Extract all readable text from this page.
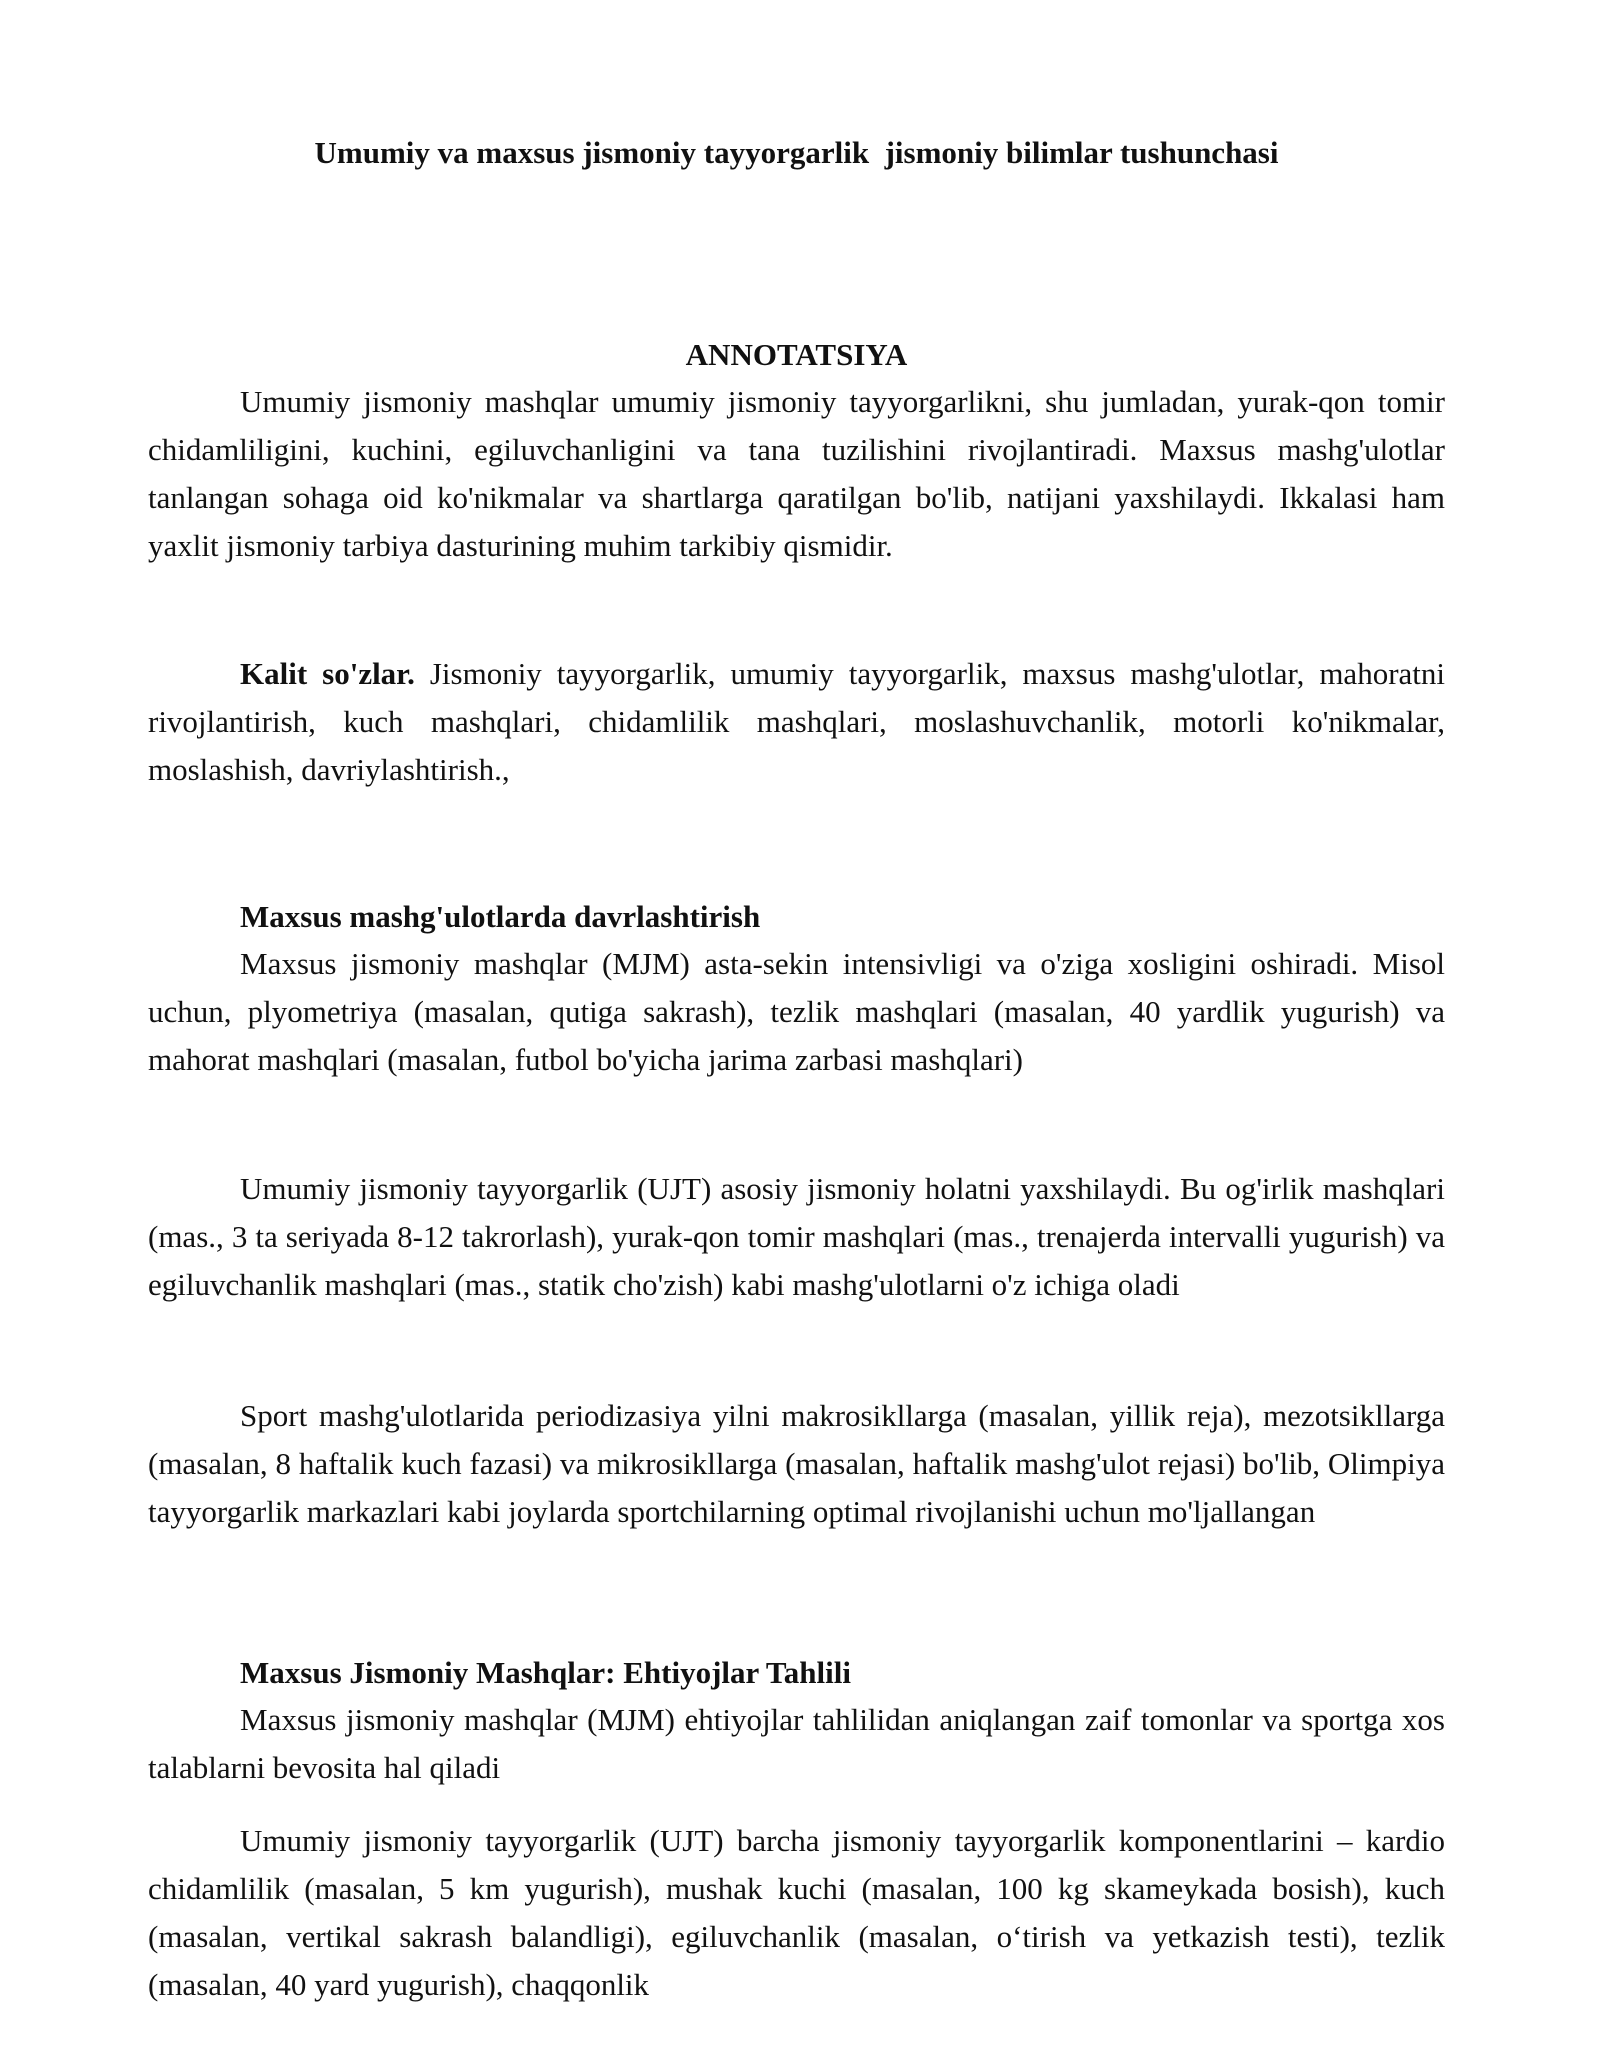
Umumiy va maxsus jismoniy tayyorgarlik  jismoniy bilimlar tushunchasi
ANNOTATSIYA

Umumiy jismoniy mashqlar umumiy jismoniy tayyorgarlikni, shu jumladan, yurak-qon tomir chidamliligini, kuchini, egiluvchanligini va tana tuzilishini rivojlantiradi. Maxsus mashg'ulotlar tanlangan sohaga oid ko'nikmalar va shartlarga qaratilgan bo'lib, natijani yaxshilaydi. Ikkalasi ham yaxlit jismoniy tarbiya dasturining muhim tarkibiy qismidir.

Kalit so'zlar. Jismoniy tayyorgarlik, umumiy tayyorgarlik, maxsus mashg'ulotlar, mahoratni rivojlantirish, kuch mashqlari, chidamlilik mashqlari, moslashuvchanlik, motorli ko'nikmalar, moslashish, davriylashtirish.,

Maxsus mashg'ulotlarda davrlashtirish

Maxsus jismoniy mashqlar (MJM) asta-sekin intensivligi va o'ziga xosligini oshiradi. Misol uchun, plyometriya (masalan, qutiga sakrash), tezlik mashqlari (masalan, 40 yardlik yugurish) va mahorat mashqlari (masalan, futbol bo'yicha jarima zarbasi mashqlari)

Umumiy jismoniy tayyorgarlik (UJT) asosiy jismoniy holatni yaxshilaydi. Bu og'irlik mashqlari (mas., 3 ta seriyada 8-12 takrorlash), yurak-qon tomir mashqlari (mas., trenajerda intervalli yugurish) va egiluvchanlik mashqlari (mas., statik cho'zish) kabi mashg'ulotlarni o'z ichiga oladi

Sport mashg'ulotlarida periodizasiya yilni makrosikllarga (masalan, yillik reja), mezotsikllarga (masalan, 8 haftalik kuch fazasi) va mikrosikllarga (masalan, haftalik mashg'ulot rejasi) bo'lib, Olimpiya tayyorgarlik markazlari kabi joylarda sportchilarning optimal rivojlanishi uchun mo'ljallangan

Maxsus Jismoniy Mashqlar: Ehtiyojlar Tahlili

Maxsus jismoniy mashqlar (MJM) ehtiyojlar tahlilidan aniqlangan zaif tomonlar va sportga xos talablarni bevosita hal qiladi

Umumiy jismoniy tayyorgarlik (UJT) barcha jismoniy tayyorgarlik komponentlarini – kardio chidamlilik (masalan, 5 km yugurish), mushak kuchi (masalan, 100 kg skameykada bosish), kuch (masalan, vertikal sakrash balandligi), egiluvchanlik (masalan, o‘tirish va yetkazish testi), tezlik (masalan, 40 yard yugurish), chaqqonlik
